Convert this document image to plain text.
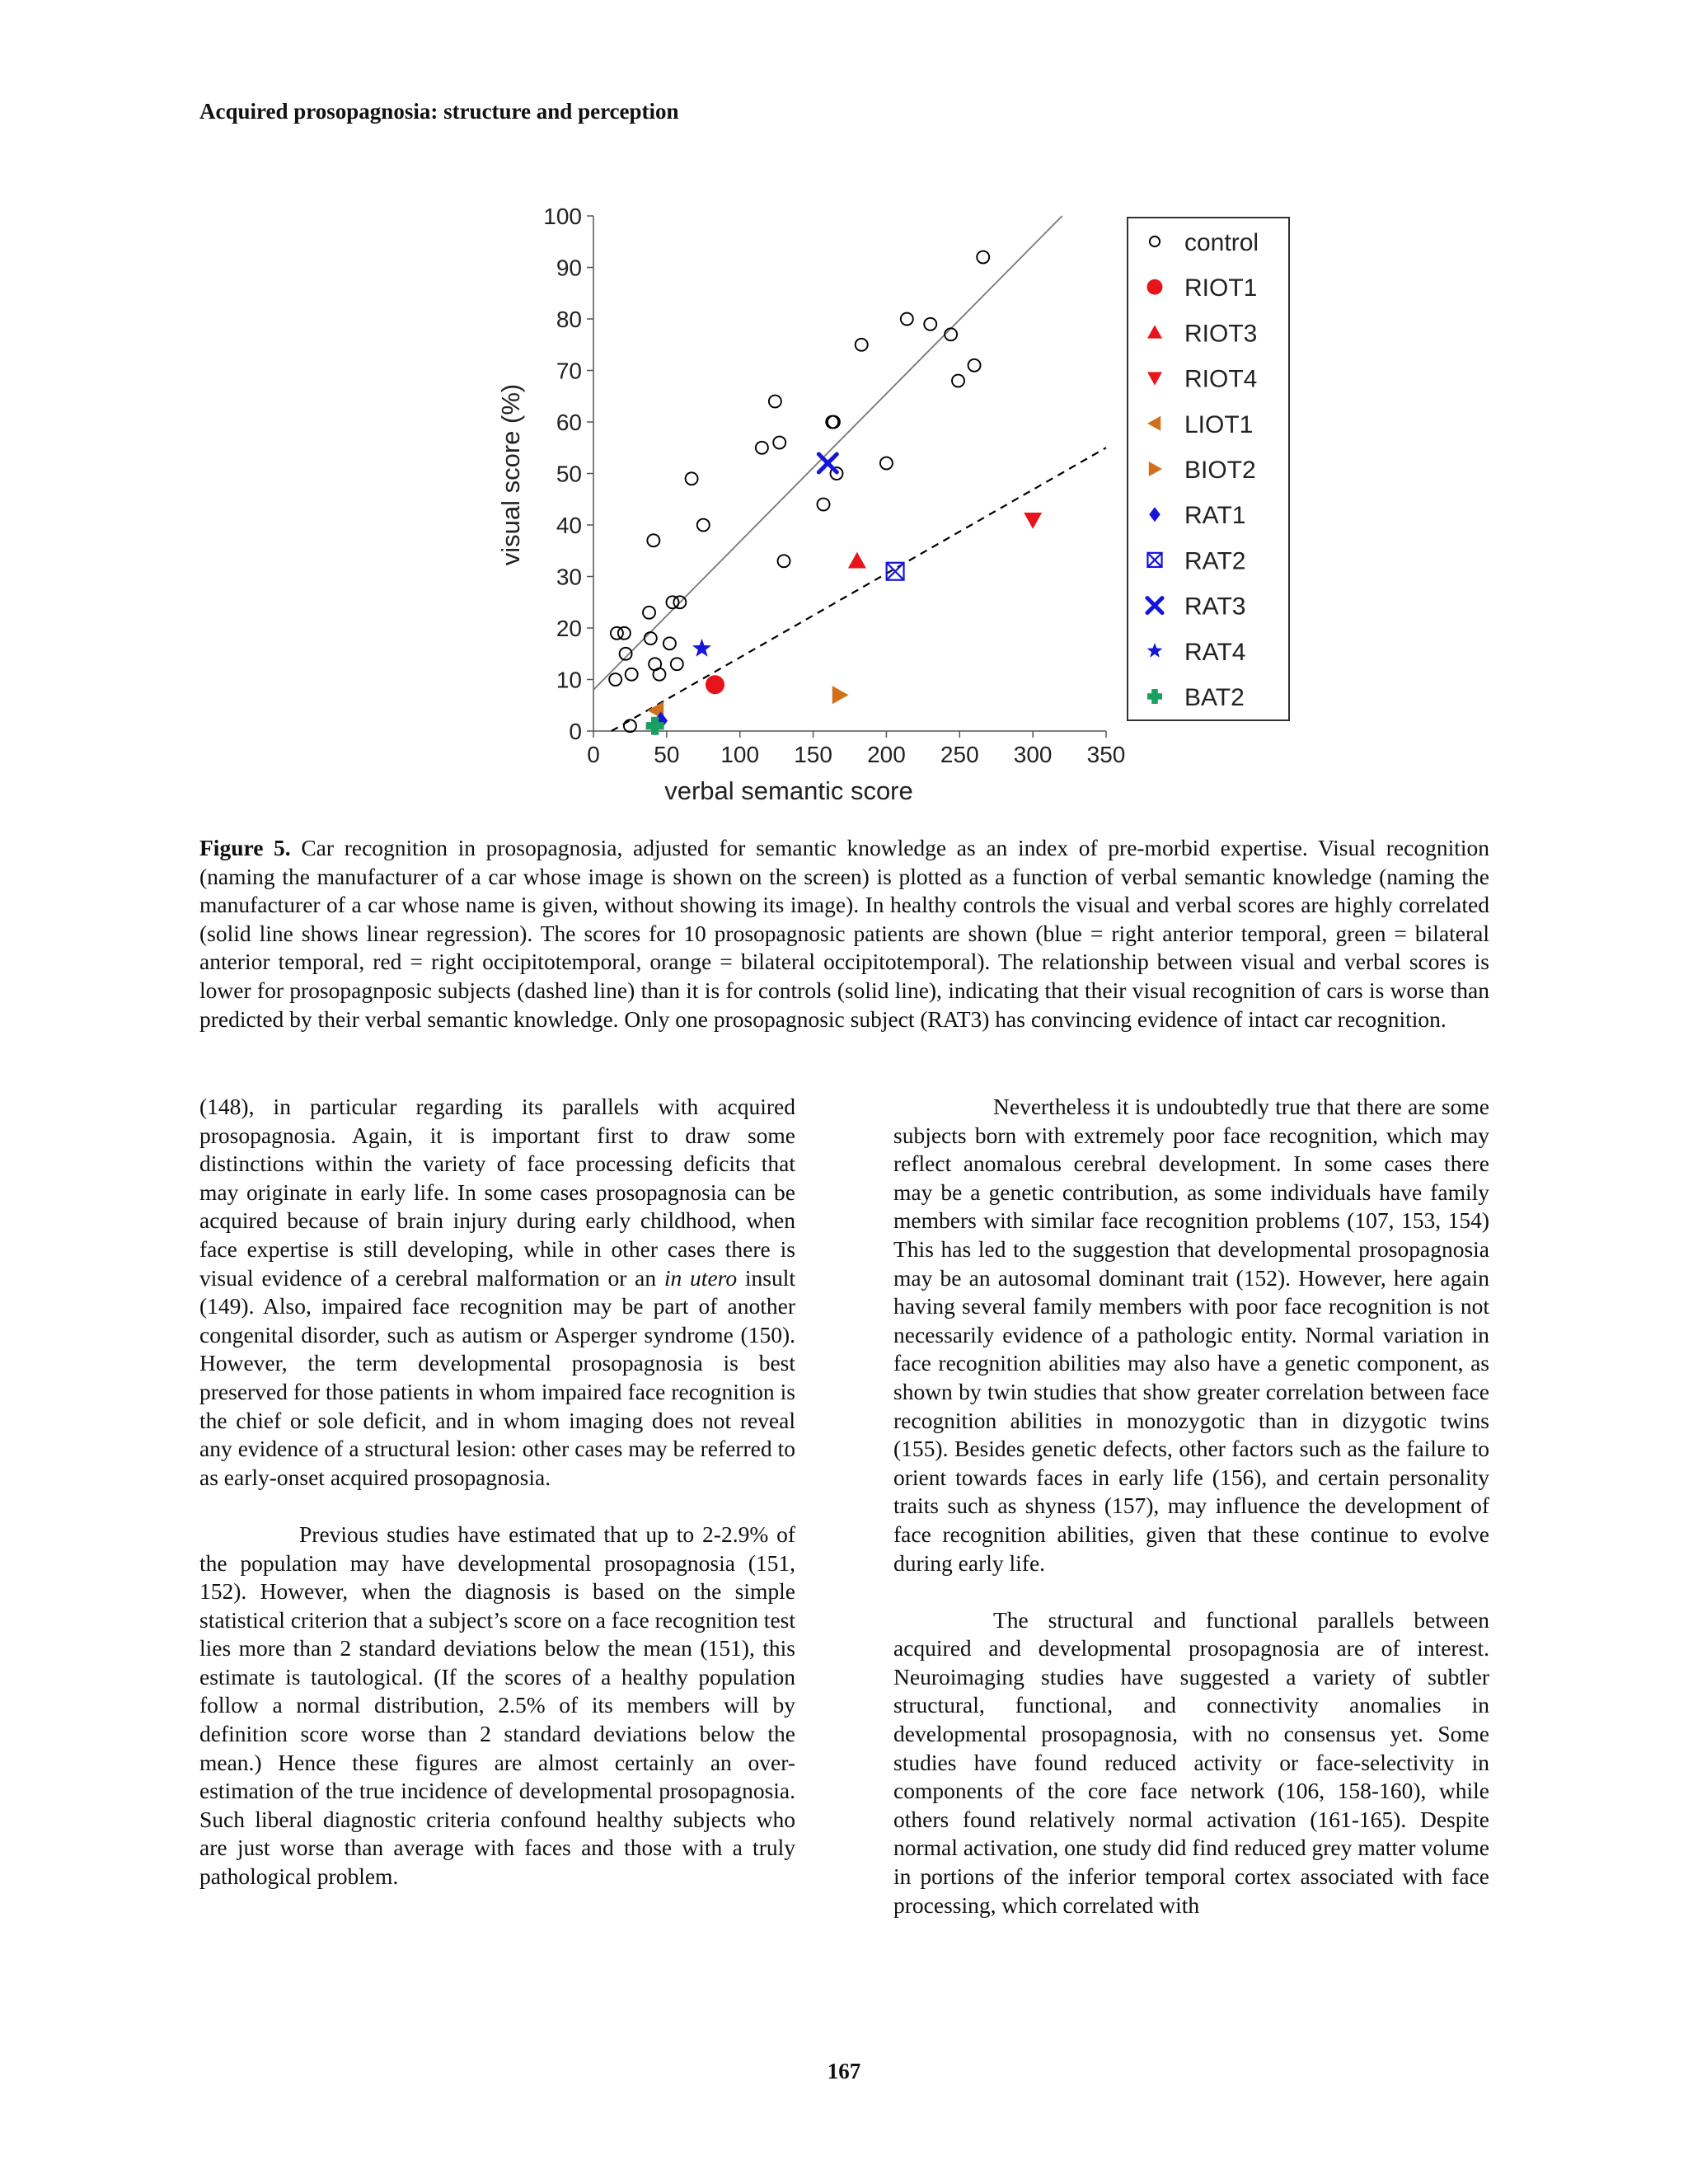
Acquired prosopagnosia: structure and perception
0 50 100 150 200 250 300 350
0
10
20
30
40
50
60
70
80
90
100
verbal semantic score
visual score (%)
control
RIOT1
RIOT3
RIOT4
LIOT1
BIOT2
RAT1
RAT2
RAT3
RAT4
BAT2
Figure 5. Car recognition in prosopagnosia, adjusted for semantic knowledge as an index of pre-morbid expertise. Visual recognition (naming the manufacturer of a car whose image is shown on the screen) is plotted as a function of verbal semantic knowledge (naming the manufacturer of a car whose name is given, without showing its image). In healthy controls the visual and verbal scores are highly correlated (solid line shows linear regression). The scores for 10 prosopagnosic patients are shown (blue = right anterior temporal, green = bilateral anterior temporal, red = right occipitotemporal, orange = bilateral occipitotemporal). The relationship between visual and verbal scores is lower for prosopagnposic subjects (dashed line) than it is for controls (solid line), indicating that their visual recognition of cars is worse than predicted by their verbal semantic knowledge. Only one prosopagnosic subject (RAT3) has convincing evidence of intact car recognition.

(148), in particular regarding its parallels with acquired prosopagnosia. Again, it is important first to draw some distinctions within the variety of face processing deficits that may originate in early life. In some cases prosopagnosia can be acquired because of brain injury during early childhood, when face expertise is still developing, while in other cases there is visual evidence of a cerebral malformation or an in utero insult (149). Also, impaired face recognition may be part of another congenital disorder, such as autism or Asperger syndrome (150). However, the term developmental prosopagnosia is best preserved for those patients in whom impaired face recognition is the chief or sole deficit, and in whom imaging does not reveal any evidence of a structural lesion: other cases may be referred to as early-onset acquired prosopagnosia.

Previous studies have estimated that up to 2-2.9% of the population may have developmental prosopagnosia (151, 152). However, when the diagnosis is based on the simple statistical criterion that a subject’s score on a face recognition test lies more than 2 standard deviations below the mean (151), this estimate is tautological. (If the scores of a healthy population follow a normal distribution, 2.5% of its members will by definition score worse than 2 standard deviations below the mean.) Hence these figures are almost certainly an over-estimation of the true incidence of developmental prosopagnosia. Such liberal diagnostic criteria confound healthy subjects who are just worse than average with faces and those with a truly pathological problem.

Nevertheless it is undoubtedly true that there are some subjects born with extremely poor face recognition, which may reflect anomalous cerebral development. In some cases there may be a genetic contribution, as some individuals have family members with similar face recognition problems (107, 153, 154) This has led to the suggestion that developmental prosopagnosia may be an autosomal dominant trait (152). However, here again having several family members with poor face recognition is not necessarily evidence of a pathologic entity. Normal variation in face recognition abilities may also have a genetic component, as shown by twin studies that show greater correlation between face recognition abilities in monozygotic than in dizygotic twins (155). Besides genetic defects, other factors such as the failure to orient towards faces in early life (156), and certain personality traits such as shyness (157), may influence the development of face recognition abilities, given that these continue to evolve during early life.

The structural and functional parallels between acquired and developmental prosopagnosia are of interest. Neuroimaging studies have suggested a variety of subtler structural, functional, and connectivity anomalies in developmental prosopagnosia, with no consensus yet. Some studies have found reduced activity or face-selectivity in components of the core face network (106, 158-160), while others found relatively normal activation (161-165). Despite normal activation, one study did find reduced grey matter volume in portions of the inferior temporal cortex associated with face processing, which correlated with

167
